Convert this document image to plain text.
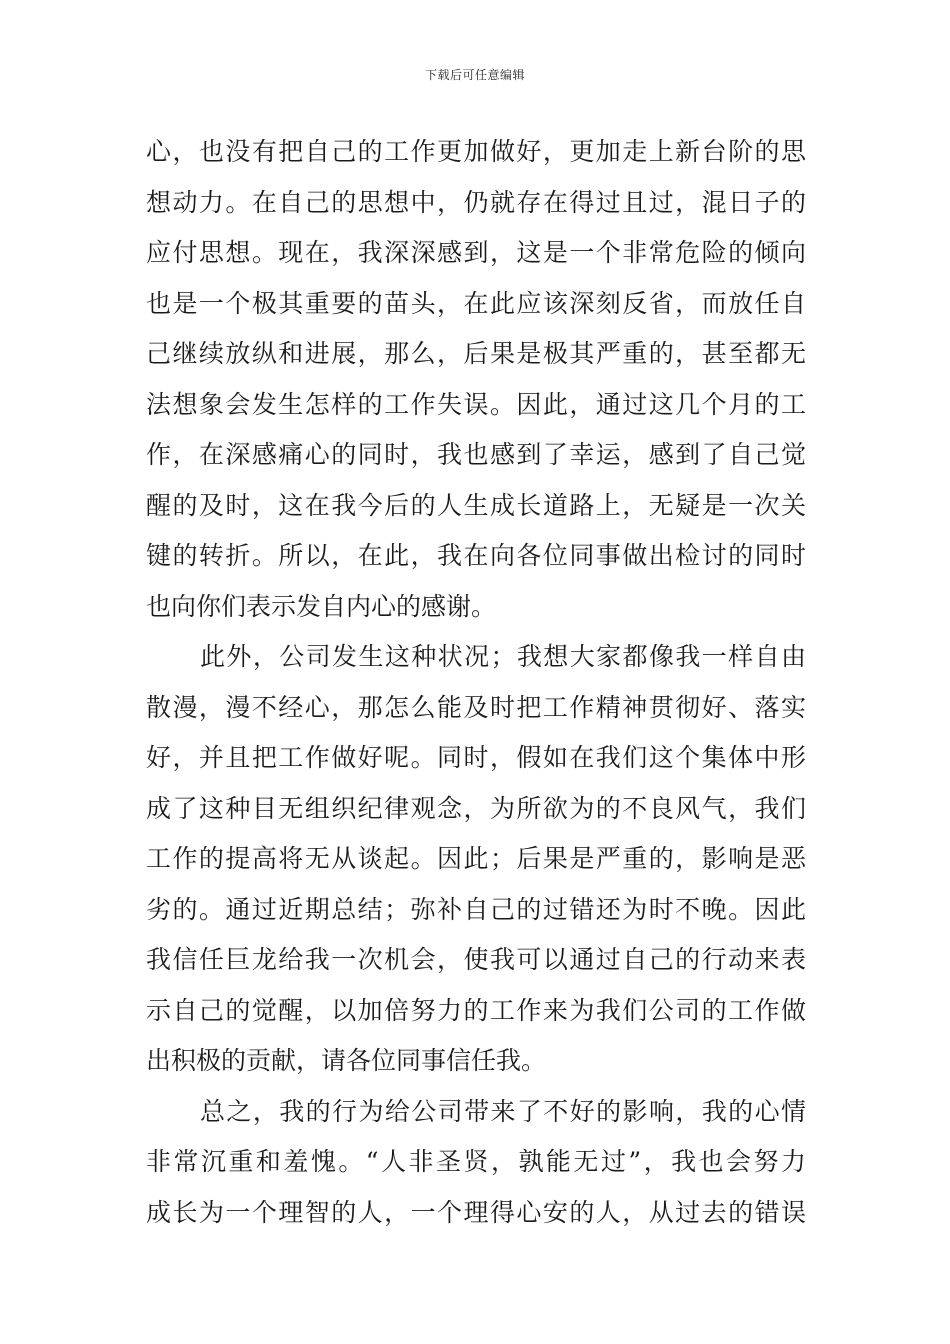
下载后可任意编辑
心，也没有把自己的工作更加做好，更加走上新台阶的思
想动力。在自己的思想中，仍就存在得过且过，混日子的
应付思想。现在，我深深感到，这是一个非常危险的倾向
也是一个极其重要的苗头，在此应该深刻反省，而放任自
己继续放纵和进展，那么，后果是极其严重的，甚至都无
法想象会发生怎样的工作失误。因此，通过这几个月的工
作，在深感痛心的同时，我也感到了幸运，感到了自己觉
醒的及时，这在我今后的人生成长道路上，无疑是一次关
键的转折。所以，在此，我在向各位同事做出检讨的同时
也向你们表示发自内心的感谢。
此外，公司发生这种状况；我想大家都像我一样自由
散漫，漫不经心，那怎么能及时把工作精神贯彻好、落实
好，并且把工作做好呢。同时，假如在我们这个集体中形
成了这种目无组织纪律观念，为所欲为的不良风气，我们
工作的提高将无从谈起。因此；后果是严重的，影响是恶
劣的。通过近期总结；弥补自己的过错还为时不晚。因此
我信任巨龙给我一次机会，使我可以通过自己的行动来表
示自己的觉醒，以加倍努力的工作来为我们公司的工作做
出积极的贡献，请各位同事信任我。
总之，我的行为给公司带来了不好的影响，我的心情
非常沉重和羞愧。“人非圣贤，孰能无过”，我也会努力
成长为一个理智的人，一个理得心安的人，从过去的错误
